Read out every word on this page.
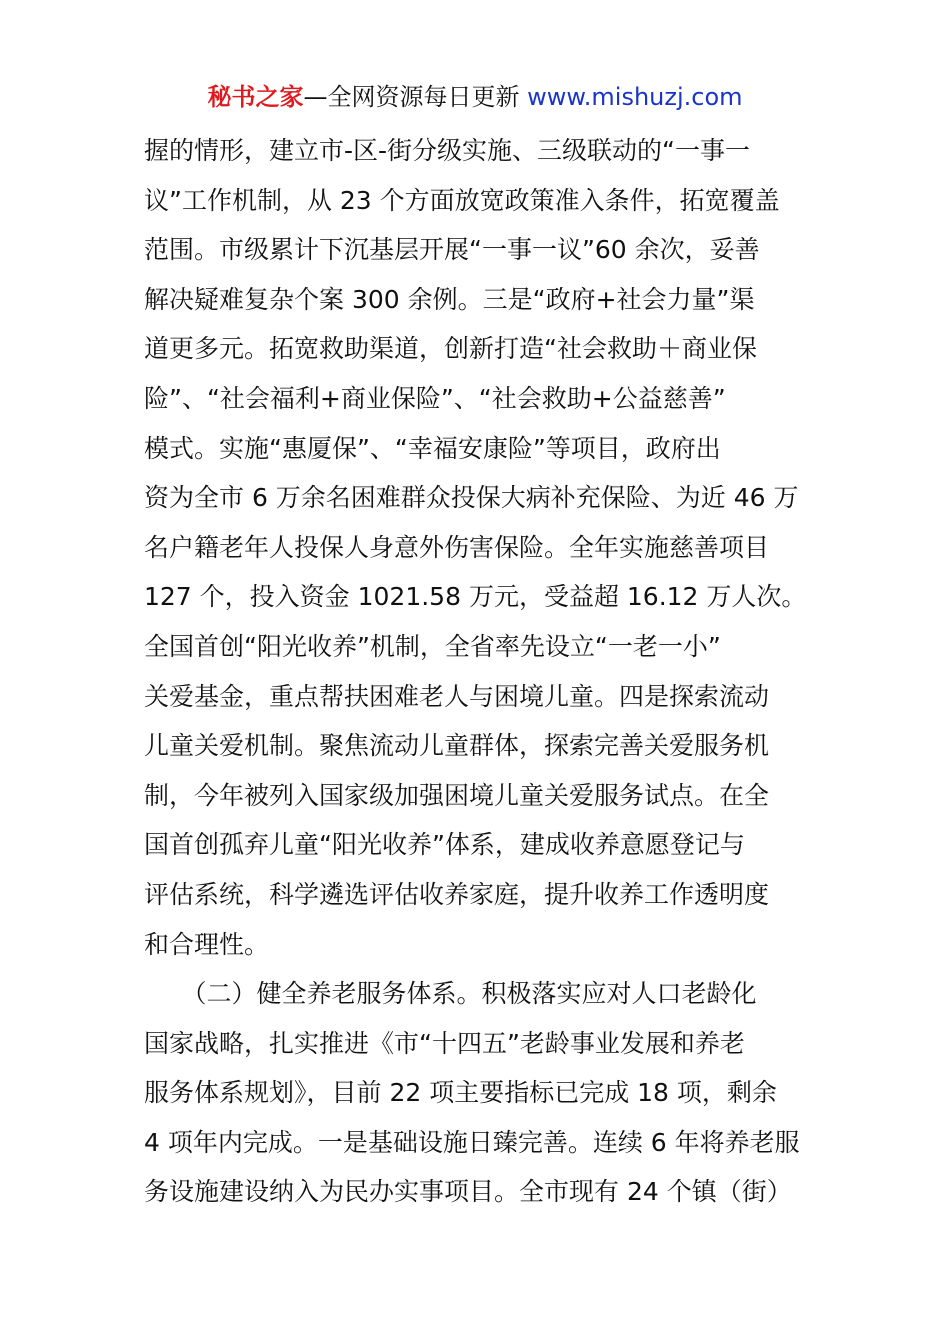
秘书之家—全网资源每日更新 www.mishuzj.com
握的情形，建立市-区-街分级实施、三级联动的“一事一
议”工作机制，从 23 个方面放宽政策准入条件，拓宽覆盖
范围。市级累计下沉基层开展“一事一议”60 余次，妥善
解决疑难复杂个案 300 余例。三是“政府+社会力量”渠
道更多元。拓宽救助渠道，创新打造“社会救助＋商业保
险”、“社会福利+商业保险”、“社会救助+公益慈善”
模式。实施“惠厦保”、“幸福安康险”等项目，政府出
资为全市 6 万余名困难群众投保大病补充保险、为近 46 万
名户籍老年人投保人身意外伤害保险。全年实施慈善项目
127 个，投入资金 1021.58 万元，受益超 16.12 万人次。
全国首创“阳光收养”机制，全省率先设立“一老一小”
关爱基金，重点帮扶困难老人与困境儿童。四是探索流动
儿童关爱机制。聚焦流动儿童群体，探索完善关爱服务机
制，今年被列入国家级加强困境儿童关爱服务试点。在全
国首创孤弃儿童“阳光收养”体系，建成收养意愿登记与
评估系统，科学遴选评估收养家庭，提升收养工作透明度
和合理性。
　　（二）健全养老服务体系。积极落实应对人口老龄化
国家战略，扎实推进《市“十四五”老龄事业发展和养老
服务体系规划》，目前 22 项主要指标已完成 18 项，剩余
4 项年内完成。一是基础设施日臻完善。连续 6 年将养老服
务设施建设纳入为民办实事项目。全市现有 24 个镇（街）
